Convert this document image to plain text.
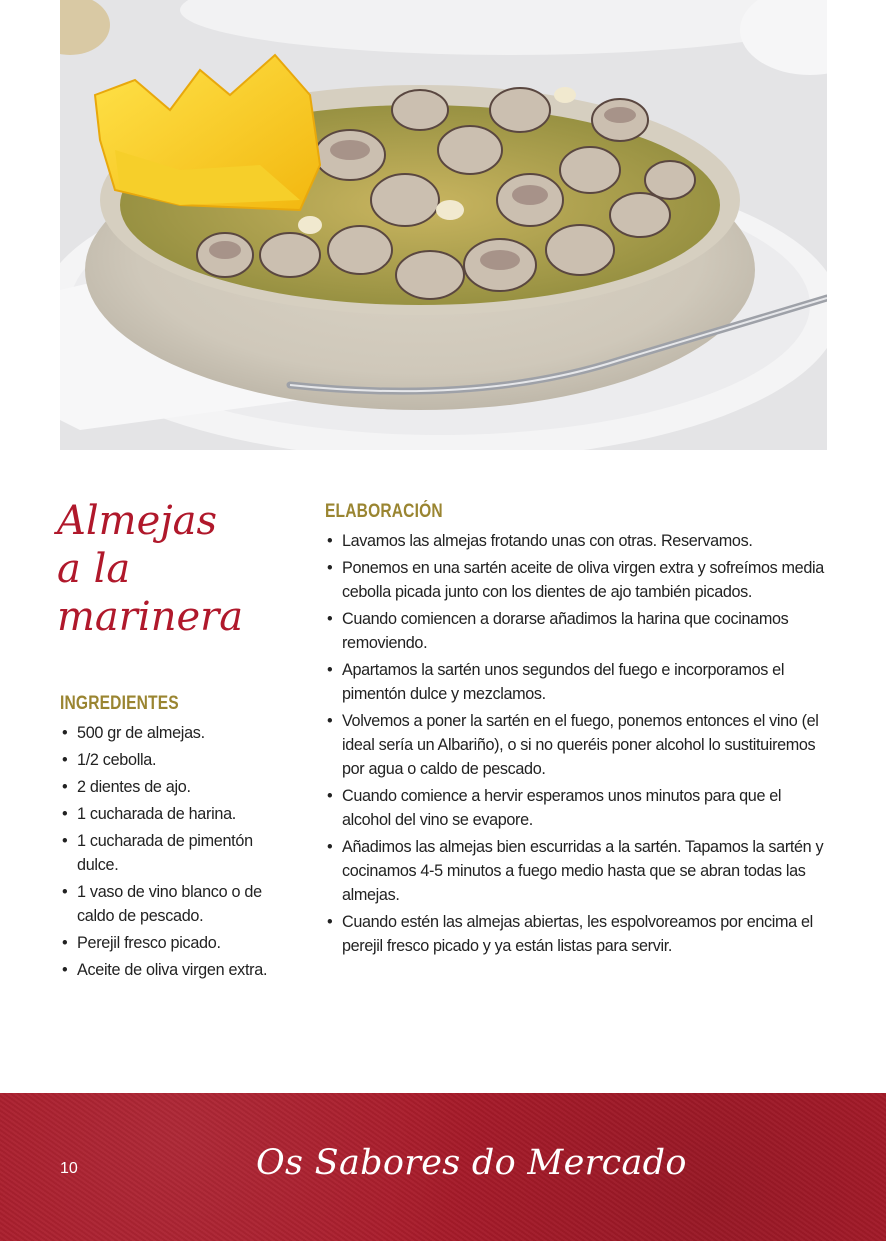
Almejas
a la
marinera
INGREDIENTES
• 500 gr de almejas.
• 1/2 cebolla.
• 2 dientes de ajo.
• 1 cucharada de harina.
• 1 cucharada de pimentón dulce.
• 1 vaso de vino blanco o de caldo de pescado.
• Perejil fresco picado.
• Aceite de oliva virgen extra.
ELABORACIÓN
• Lavamos las almejas frotando unas con otras. Reservamos.
• Ponemos en una sartén aceite de oliva virgen extra y sofreímos media cebolla picada junto con los dientes de ajo también picados.
• Cuando comiencen a dorarse añadimos la harina que cocinamos removiendo.
• Apartamos la sartén unos segundos del fuego e incorporamos el pimentón dulce y mezclamos.
• Volvemos a poner la sartén en el fuego, ponemos entonces el vino (el ideal sería un Albariño), o si no queréis poner alcohol lo sustituiremos por agua o caldo de pescado.
• Cuando comience a hervir esperamos unos minutos para que el alcohol del vino se evapore.
• Añadimos las almejas bien escurridas a la sartén. Tapamos la sartén y cocinamos 4-5 minutos a fuego medio hasta que se abran todas las almejas.
• Cuando estén las almejas abiertas, les espolvoreamos por encima el perejil fresco picado y ya están listas para servir.
10	Os Sabores do Mercado
